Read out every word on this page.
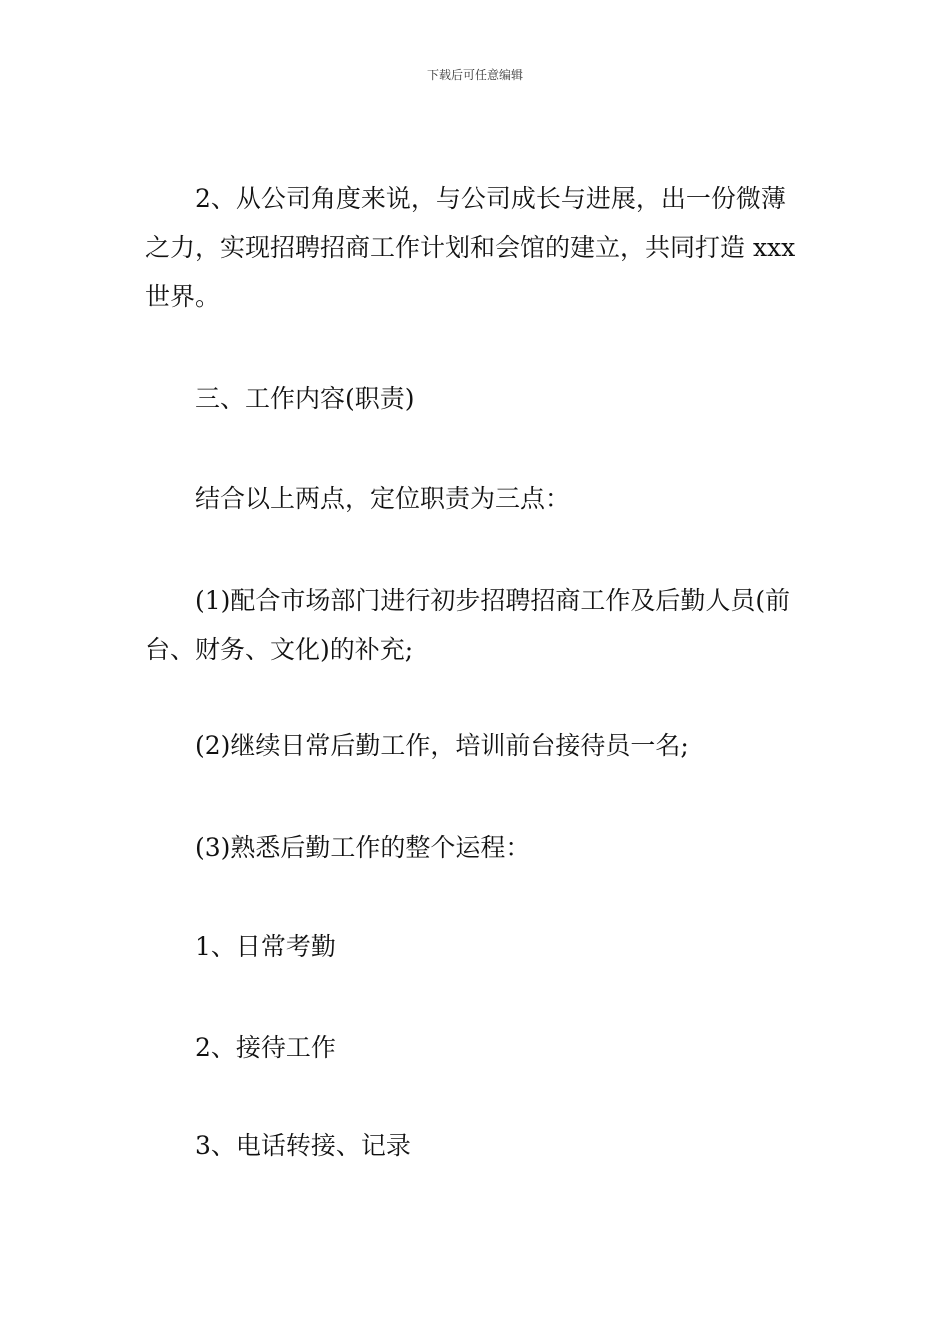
下载后可任意编辑

2、从公司角度来说，与公司成长与进展，出一份微薄之力，实现招聘招商工作计划和会馆的建立，共同打造 xxx 世界。

三、工作内容(职责)

结合以上两点，定位职责为三点：

(1)配合市场部门进行初步招聘招商工作及后勤人员(前台、财务、文化)的补充;

(2)继续日常后勤工作，培训前台接待员一名;

(3)熟悉后勤工作的整个运程：

1、日常考勤

2、接待工作

3、电话转接、记录
